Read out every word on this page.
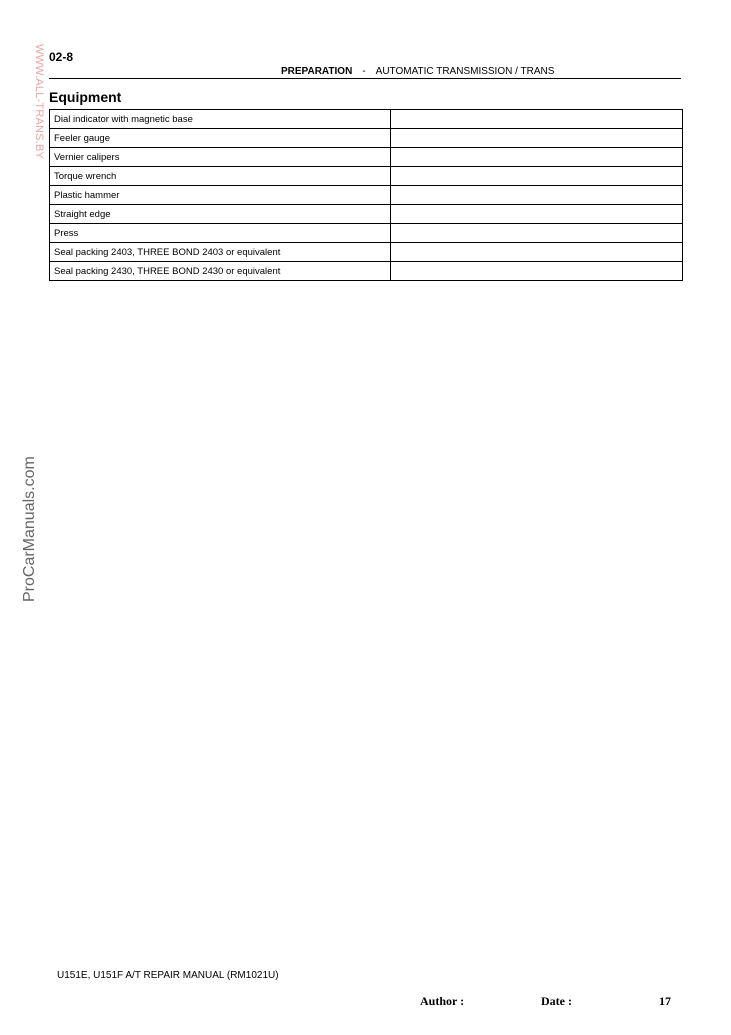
02-8
PREPARATION - AUTOMATIC TRANSMISSION / TRANS
WWW.ALL-TRANS.BY
ProCarManuals.com
Equipment
Dial indicator with magnetic base	
Feeler gauge	
Vernier calipers	
Torque wrench	
Plastic hammer	
Straight edge	
Press	
Seal packing 2403, THREE BOND 2403 or equivalent	
Seal packing 2430, THREE BOND 2430 or equivalent	
U151E, U151F A/T REPAIR MANUAL (RM1021U)
Author :	Date :	17
